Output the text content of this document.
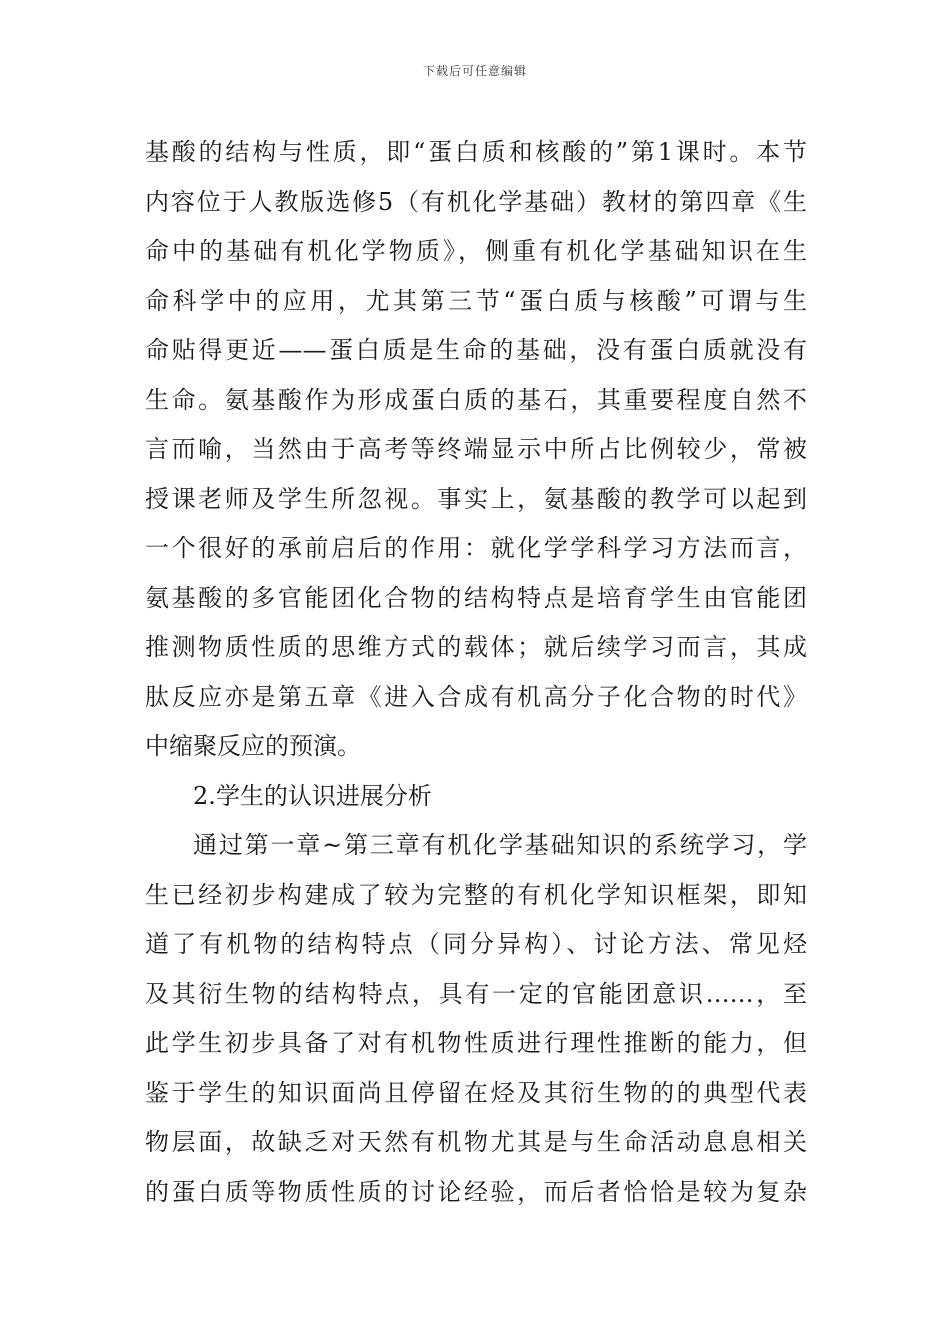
下载后可任意编辑
基酸的结构与性质，即“蛋白质和核酸的”第1课时。本节
内容位于人教版选修5（有机化学基础）教材的第四章《生
命中的基础有机化学物质》，侧重有机化学基础知识在生
命科学中的应用，尤其第三节“蛋白质与核酸”可谓与生
命贴得更近——蛋白质是生命的基础，没有蛋白质就没有
生命。氨基酸作为形成蛋白质的基石，其重要程度自然不
言而喻，当然由于高考等终端显示中所占比例较少，常被
授课老师及学生所忽视。事实上，氨基酸的教学可以起到
一个很好的承前启后的作用：就化学学科学习方法而言，
氨基酸的多官能团化合物的结构特点是培育学生由官能团
推测物质性质的思维方式的载体；就后续学习而言，其成
肽反应亦是第五章《进入合成有机高分子化合物的时代》
中缩聚反应的预演。
2.学生的认识进展分析
通过第一章~第三章有机化学基础知识的系统学习，学
生已经初步构建成了较为完整的有机化学知识框架，即知
道了有机物的结构特点（同分异构）、讨论方法、常见烃
及其衍生物的结构特点，具有一定的官能团意识……，至
此学生初步具备了对有机物性质进行理性推断的能力，但
鉴于学生的知识面尚且停留在烃及其衍生物的的典型代表
物层面，故缺乏对天然有机物尤其是与生命活动息息相关
的蛋白质等物质性质的讨论经验，而后者恰恰是较为复杂
